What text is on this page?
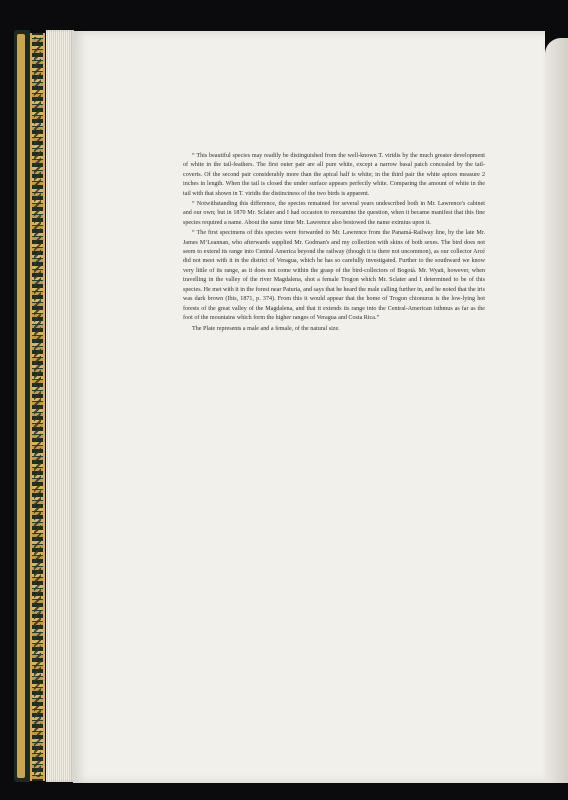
“ This beautiful species may readily be distinguished from the well-known T. viridis by the much greater development of white in the tail-feathers. The first outer pair are all pure white, except a narrow basal patch concealed by the tail-coverts. Of the second pair considerably more than the apical half is white; in the third pair the white apices measure 2 inches in length. When the tail is closed the under surface appears perfectly white. Comparing the amount of white in the tail with that shown in T. viridis the distinctness of the two birds is apparent.

“ Notwithstanding this difference, the species remained for several years undescribed both in Mr. Lawrence's cabinet and our own; but in 1870 Mr. Sclater and I had occasion to reexamine the question, when it became manifest that this fine species required a name. About the same time Mr. Lawrence also bestowed the name eximius upon it.

“ The first specimens of this species were forwarded to Mr. Lawrence from the Panamá-Railway line, by the late Mr. James M‘Leannan, who afterwards supplied Mr. Godman's and my collection with skins of both sexes. The bird does not seem to extend its range into Central America beyond the railway (though it is there not uncommon), as our collector Arcé did not meet with it in the district of Veragua, which he has so carefully investigated. Further to the southward we know very little of its range, as it does not come within the grasp of the bird-collectors of Bogotá. Mr. Wyatt, however, when travelling in the valley of the river Magdalena, shot a female Trogon which Mr. Sclater and I determined to be of this species. He met with it in the forest near Paturia, and says that he heard the male calling further in, and he noted that the iris was dark brown (Ibis, 1871, p. 374). From this it would appear that the home of Trogon chionurus is the low-lying hot forests of the great valley of the Magdalena, and that it extends its range into the Central-American isthmus as far as the foot of the mountains which form the higher ranges of Veragua and Costa Rica.”

The Plate represents a male and a female, of the natural size.
